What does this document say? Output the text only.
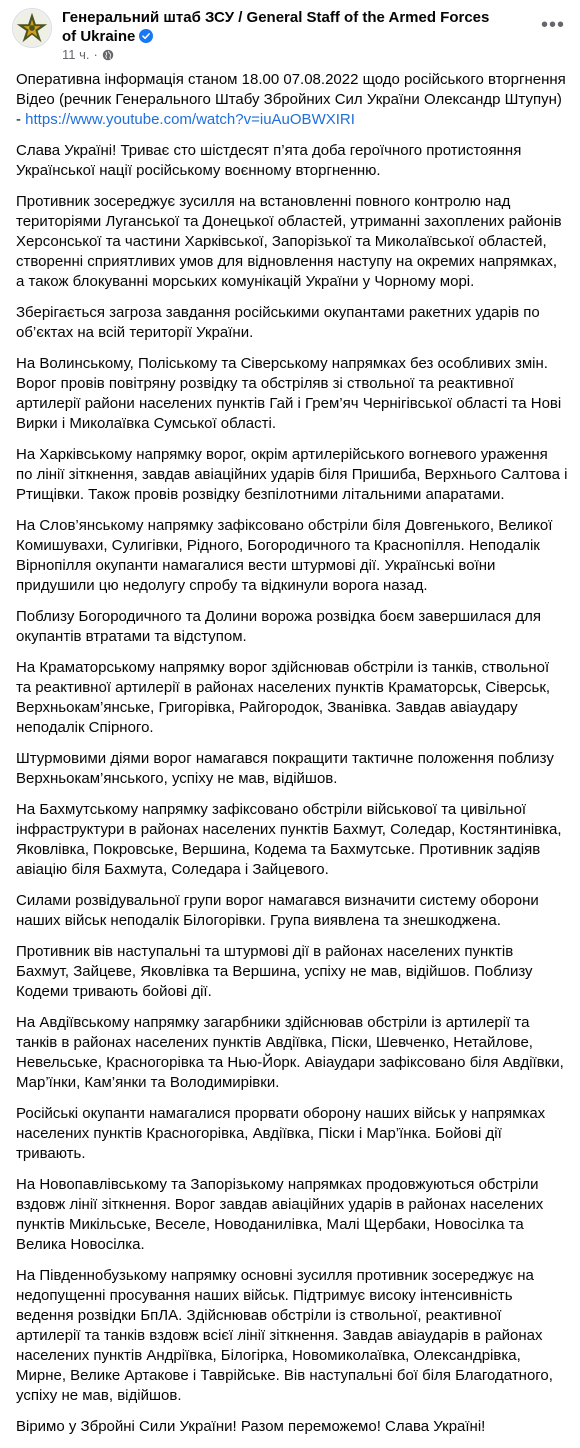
Генеральний штаб ЗСУ / General Staff of the Armed Forces of Ukraine
11 ч. ·
•••

Оперативна інформація станом 18.00 07.08.2022 щодо російського вторгнення Відео (речник Генерального Штабу Збройних Сил України Олександр Штупун) - https://www.youtube.com/watch?v=iuAuOBWXIRI

Слава Україні! Триває сто шістдесят п’ята доба героїчного протистояння Української нації російському воєнному вторгненню.

Противник зосереджує зусилля на встановленні повного контролю над територіями Луганської та Донецької областей, утриманні захоплених районів Херсонської та частини Харківської, Запорізької та Миколаївської областей, створенні сприятливих умов для відновлення наступу на окремих напрямках, а також блокуванні морських комунікацій України у Чорному морі.

Зберігається загроза завдання російськими окупантами ракетних ударів по об’єктах на всій території України.

На Волинському, Поліському та Сіверському напрямках без особливих змін. Ворог провів повітряну розвідку та обстріляв зі ствольної та реактивної артилерії райони населених пунктів Гай і Грем’яч Чернігівської області та Нові Вирки і Миколаївка Сумської області.

На Харківському напрямку ворог, окрім артилерійського вогневого ураження по лінії зіткнення, завдав авіаційних ударів біля Пришиба, Верхнього Салтова і Ртищівки. Також провів розвідку безпілотними літальними апаратами.

На Слов’янському напрямку зафіксовано обстріли біля Довгенького, Великої Комишувахи, Сулигівки, Рідного, Богородичного та Краснопілля. Неподалік Вірнопілля окупанти намагалися вести штурмові дії. Українські воїни придушили цю недолугу спробу та відкинули ворога назад.

Поблизу Богородичного та Долини ворожа розвідка боєм завершилася для окупантів втратами та відступом.

На Краматорському напрямку ворог здійснював обстріли із танків, ствольної та реактивної артилерії в районах населених пунктів Краматорськ, Сіверськ, Верхньокам’янське, Григорівка, Райгородок, Званівка. Завдав авіаудару неподалік Спірного.

Штурмовими діями ворог намагався покращити тактичне положення поблизу Верхньокам’янського, успіху не мав, відійшов.

На Бахмутському напрямку зафіксовано обстріли військової та цивільної інфраструктури в районах населених пунктів Бахмут, Соледар, Костянтинівка, Яковлівка, Покровське, Вершина, Кодема та Бахмутське. Противник задіяв авіацію біля Бахмута, Соледара і Зайцевого.

Силами розвідувальної групи ворог намагався визначити систему оборони наших військ неподалік Білогорівки. Група виявлена та знешкоджена.

Противник вів наступальні та штурмові дії в районах населених пунктів Бахмут, Зайцеве, Яковлівка та Вершина, успіху не мав, відійшов. Поблизу Кодеми тривають бойові дії.

На Авдіївському напрямку загарбники здійснював обстріли із артилерії та танків в районах населених пунктів Авдіївка, Піски, Шевченко, Нетайлове, Невельське, Красногорівка та Нью-Йорк. Авіаудари зафіксовано біля Авдіївки, Мар’їнки, Кам’янки та Володимирівки.

Російські окупанти намагалися прорвати оборону наших військ у напрямках населених пунктів Красногорівка, Авдіївка, Піски і Мар’їнка. Бойові дії тривають.

На Новопавлівському та Запорізькому напрямках продовжуються обстріли вздовж лінії зіткнення. Ворог завдав авіаційних ударів в районах населених пунктів Микільське, Веселе, Новоданилівка, Малі Щербаки, Новосілка та Велика Новосілка.

На Південнобузькому напрямку основні зусилля противник зосереджує на недопущенні просування наших військ. Підтримує високу інтенсивність ведення розвідки БпЛА. Здійснював обстріли із ствольної, реактивної артилерії та танків вздовж всієї лінії зіткнення. Завдав авіаударів в районах населених пунктів Андріївка, Білогірка, Новомиколаївка, Олександрівка, Мирне, Велике Артакове і Таврійське. Вів наступальні бої біля Благодатного, успіху не мав, відійшов.

Віримо у Збройні Сили України! Разом переможемо! Слава Україні!
